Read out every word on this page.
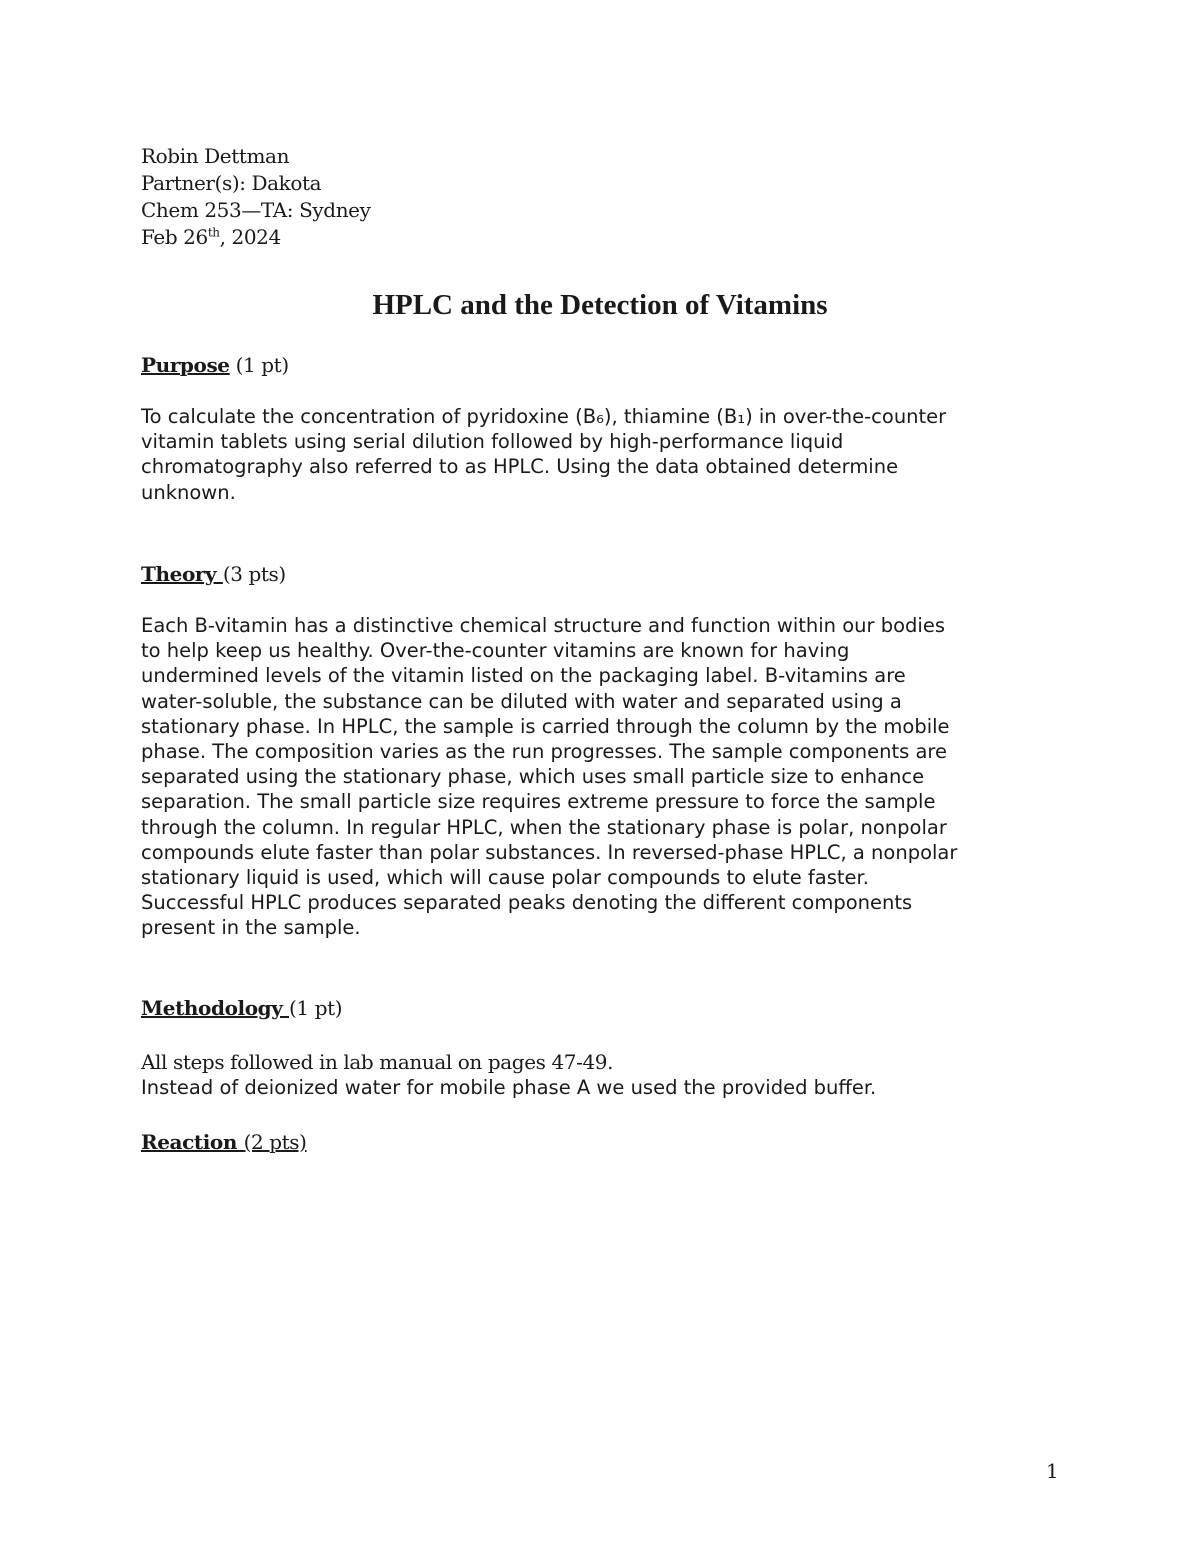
Robin Dettman
Partner(s): Dakota
Chem 253—TA: Sydney
Feb 26th, 2024
HPLC and the Detection of Vitamins
Purpose (1 pt)
To calculate the concentration of pyridoxine (B₆), thiamine (B₁) in over-the-counter
vitamin tablets using serial dilution followed by high-performance liquid
chromatography also referred to as HPLC. Using the data obtained determine
unknown.
Theory (3 pts)
Each B-vitamin has a distinctive chemical structure and function within our bodies
to help keep us healthy. Over-the-counter vitamins are known for having
undermined levels of the vitamin listed on the packaging label. B-vitamins are
water-soluble, the substance can be diluted with water and separated using a
stationary phase. In HPLC, the sample is carried through the column by the mobile
phase. The composition varies as the run progresses. The sample components are
separated using the stationary phase, which uses small particle size to enhance
separation. The small particle size requires extreme pressure to force the sample
through the column. In regular HPLC, when the stationary phase is polar, nonpolar
compounds elute faster than polar substances. In reversed-phase HPLC, a nonpolar
stationary liquid is used, which will cause polar compounds to elute faster.
Successful HPLC produces separated peaks denoting the different components
present in the sample.
Methodology (1 pt)
All steps followed in lab manual on pages 47-49.
Instead of deionized water for mobile phase A we used the provided buffer.
Reaction (2 pts)
1
